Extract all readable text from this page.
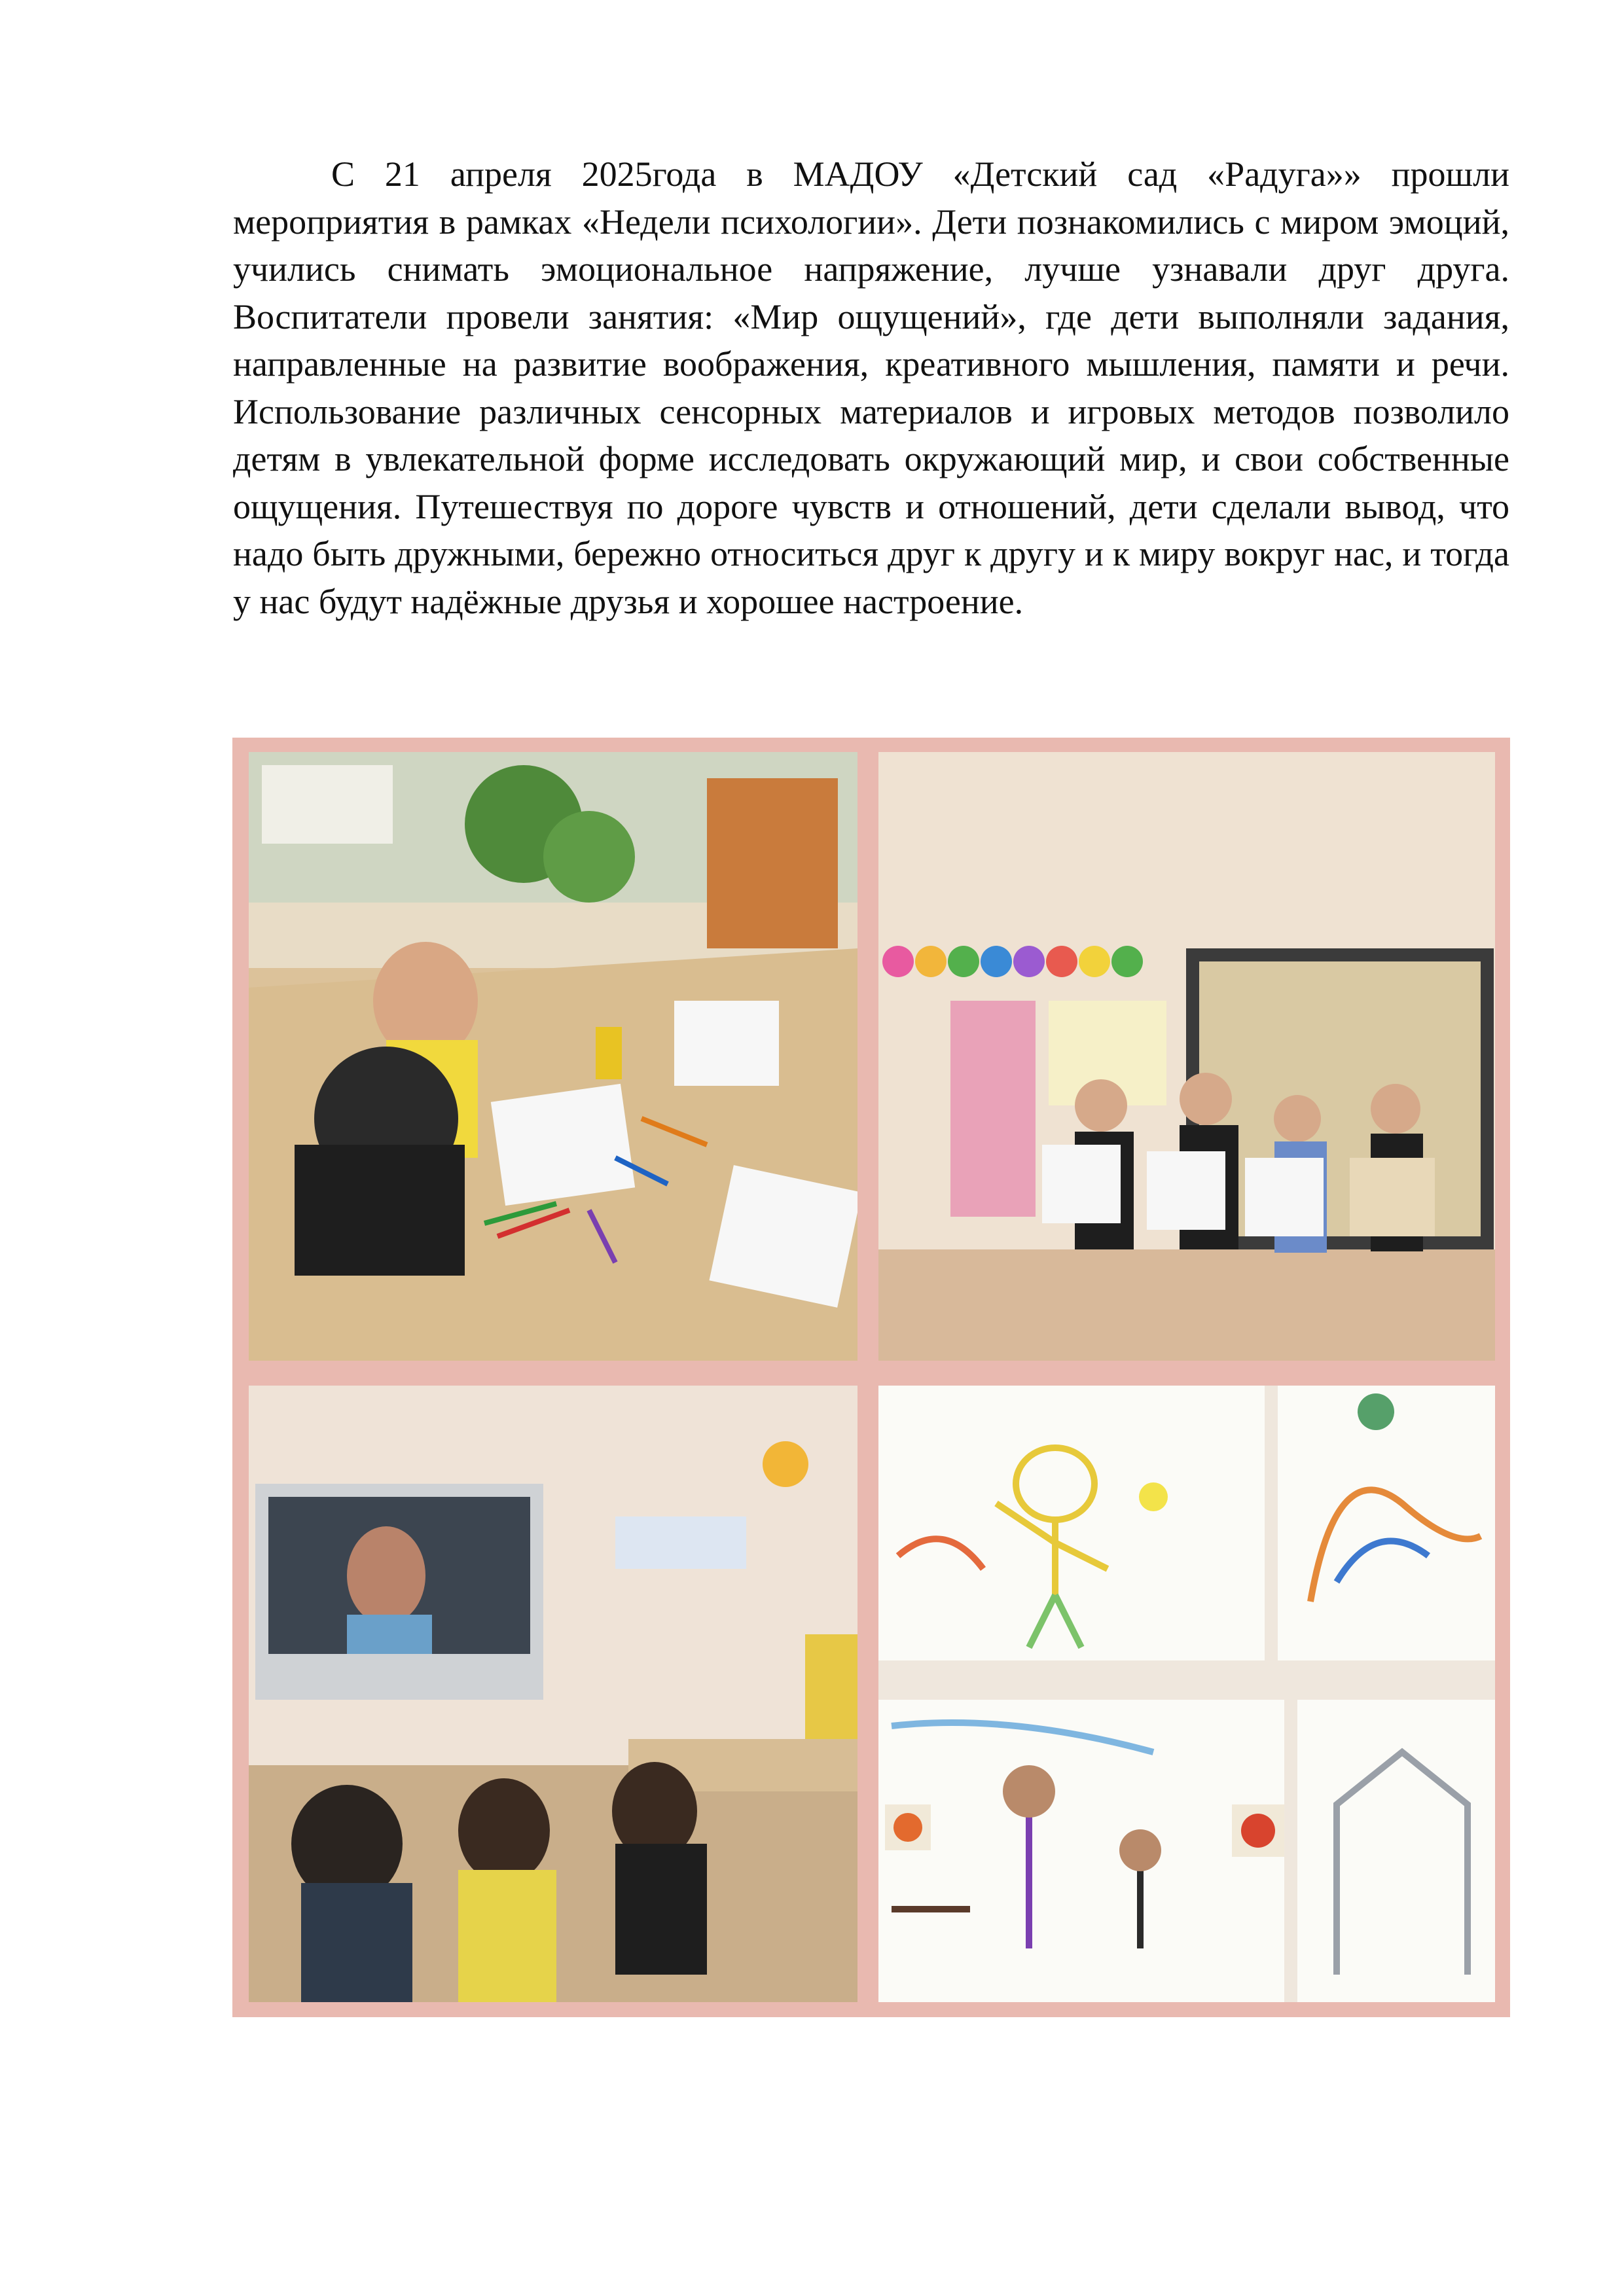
С 21 апреля 2025года в МАДОУ «Детский сад «Радуга»» прошли мероприятия в рамках «Недели психологии». Дети познакомились с миром эмоций, учились снимать эмоциональное напряжение, лучше узнавали друг друга. Воспитатели провели занятия: «Мир ощущений», где дети выполняли задания, направленные на развитие воображения, креативного мышления, памяти и речи. Использование различных сенсорных материалов и игровых методов позволило детям в увлекательной форме исследовать окружающий мир, и свои собственные ощущения. Путешествуя по дороге чувств и отношений, дети сделали вывод, что надо быть дружными, бережно относиться друг к другу и к миру вокруг нас, и тогда у нас будут надёжные друзья и хорошее настроение.
